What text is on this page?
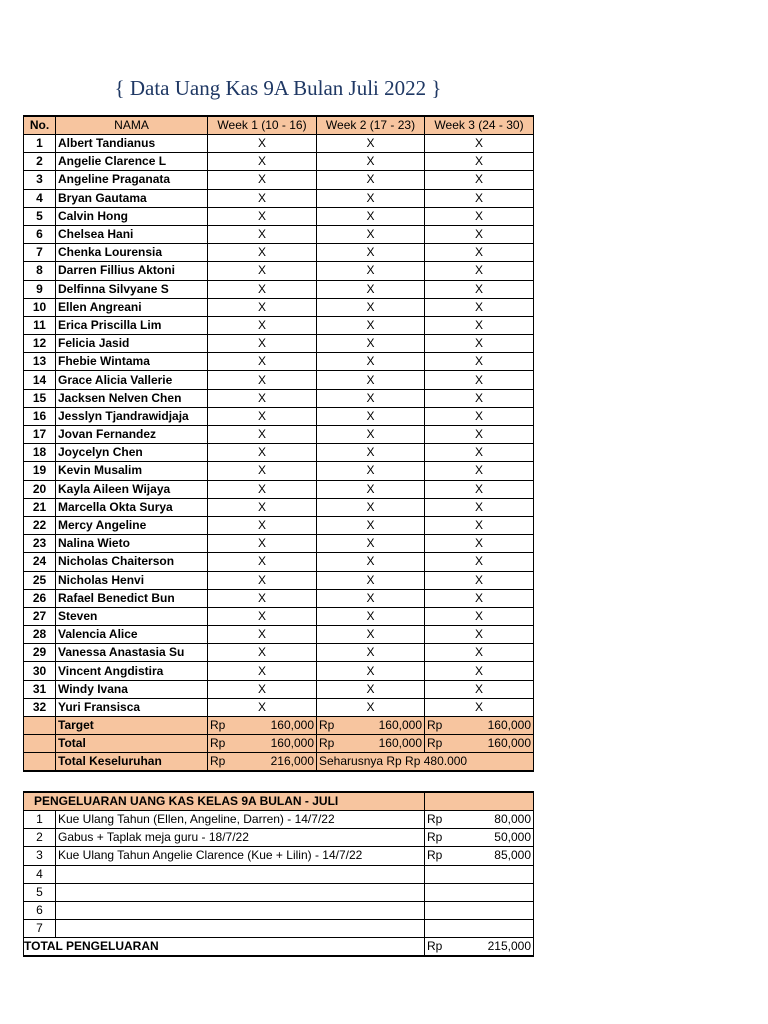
{ Data Uang Kas 9A Bulan Juli 2022 }
No.	NAMA	Week 1 (10 - 16)	Week 2 (17 - 23)	Week 3 (24 - 30)
1	Albert Tandianus	X	X	X
2	Angelie Clarence L	X	X	X
3	Angeline Praganata	X	X	X
4	Bryan Gautama	X	X	X
5	Calvin Hong	X	X	X
6	Chelsea Hani	X	X	X
7	Chenka Lourensia	X	X	X
8	Darren Fillius Aktoni	X	X	X
9	Delfinna Silvyane S	X	X	X
10	Ellen Angreani	X	X	X
11	Erica Priscilla Lim	X	X	X
12	Felicia Jasid	X	X	X
13	Fhebie Wintama	X	X	X
14	Grace Alicia Vallerie	X	X	X
15	Jacksen Nelven Chen	X	X	X
16	Jesslyn Tjandrawidjaja	X	X	X
17	Jovan Fernandez	X	X	X
18	Joycelyn Chen	X	X	X
19	Kevin Musalim	X	X	X
20	Kayla Aileen Wijaya	X	X	X
21	Marcella Okta Surya	X	X	X
22	Mercy Angeline	X	X	X
23	Nalina Wieto	X	X	X
24	Nicholas Chaiterson	X	X	X
25	Nicholas Henvi	X	X	X
26	Rafael Benedict Bun	X	X	X
27	Steven	X	X	X
28	Valencia Alice	X	X	X
29	Vanessa Anastasia Su	X	X	X
30	Vincent Angdistira	X	X	X
31	Windy Ivana	X	X	X
32	Yuri Fransisca	X	X	X
	Target	Rp 160,000	Rp 160,000	Rp 160,000

	Total	Rp 160,000	Rp 160,000	Rp 160,000

	Total Keseluruhan	Rp 216,000	Seharusnya Rp Rp 480.000	
PENGELUARAN UANG KAS KELAS 9A BULAN - JULI		
1	Kue Ulang Tahun (Ellen, Angeline, Darren) - 14/7/22	Rp 80,000

2	Gabus + Taplak meja guru - 18/7/22	Rp 50,000

3	Kue Ulang Tahun Angelie Clarence (Kue + Lilin) - 14/7/22	Rp 85,000

4		
5		
6		
7		
TOTAL PENGELUARAN		Rp 215,000
